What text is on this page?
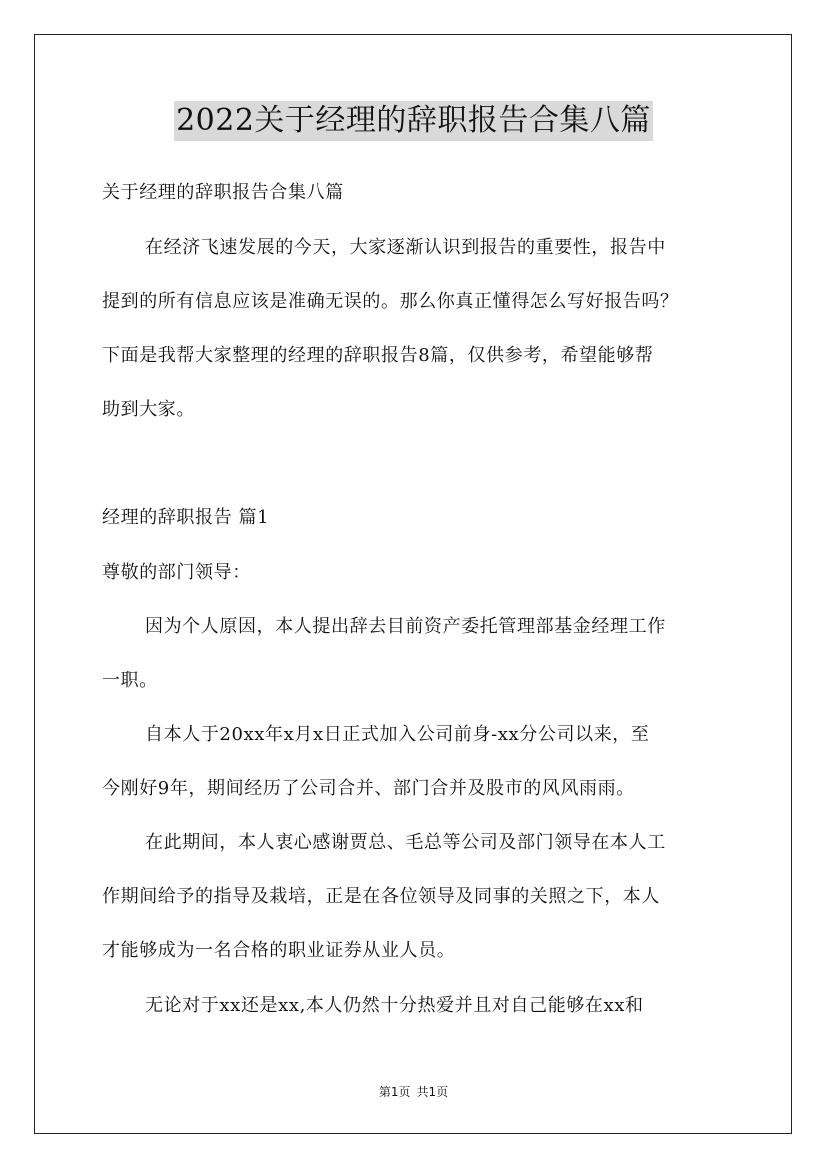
2022关于经理的辞职报告合集八篇
关于经理的辞职报告合集八篇
在经济飞速发展的今天，大家逐渐认识到报告的重要性，报告中
提到的所有信息应该是准确无误的。那么你真正懂得怎么写好报告吗？
下面是我帮大家整理的经理的辞职报告8篇，仅供参考，希望能够帮
助到大家。
经理的辞职报告 篇1
尊敬的部门领导：
因为个人原因，本人提出辞去目前资产委托管理部基金经理工作
一职。
自本人于20xx年x月x日正式加入公司前身-xx分公司以来，至
今刚好9年，期间经历了公司合并、部门合并及股市的风风雨雨。
在此期间，本人衷心感谢贾总、毛总等公司及部门领导在本人工
作期间给予的指导及栽培，正是在各位领导及同事的关照之下，本人
才能够成为一名合格的职业证券从业人员。
无论对于xx还是xx,本人仍然十分热爱并且对自己能够在xx和
第1页 共1页
